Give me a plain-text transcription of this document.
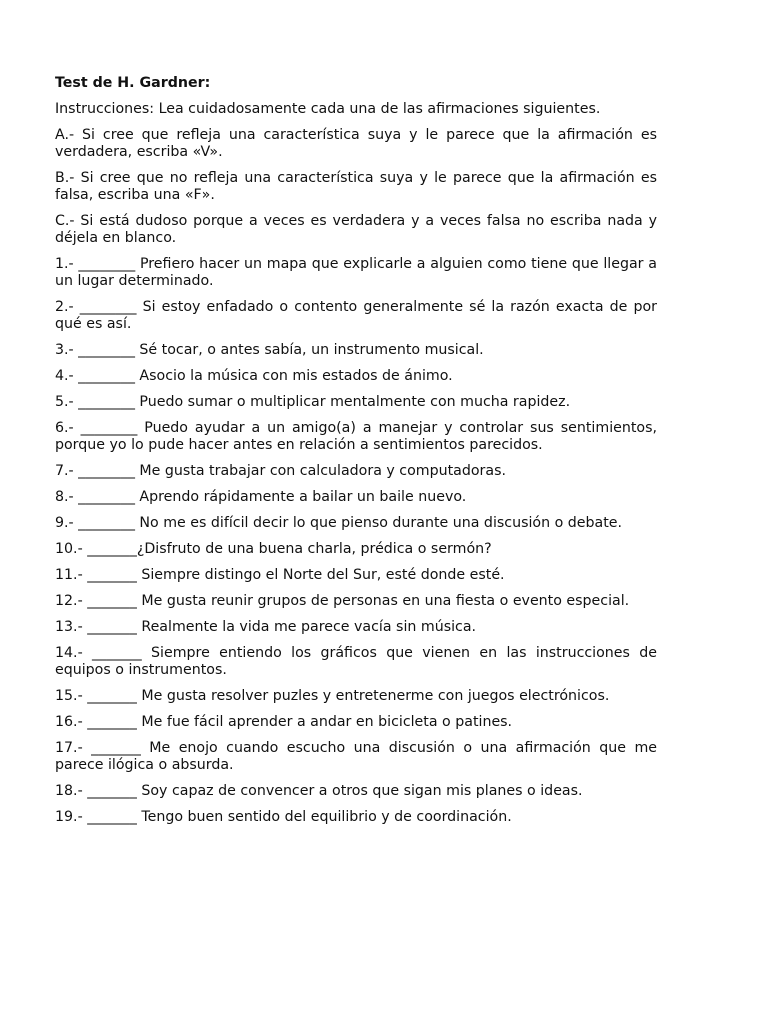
Test de H. Gardner:
Instrucciones: Lea cuidadosamente cada una de las afirmaciones siguientes.
A.- Si cree que refleja una característica suya y le parece que la afirmación es verdadera, escriba «V».
B.- Si cree que no refleja una característica suya y le parece que la afirmación es falsa, escriba una «F».
C.- Si está dudoso porque a veces es verdadera y a veces falsa no escriba nada y déjela en blanco.
1.- ________ Prefiero hacer un mapa que explicarle a alguien como tiene que llegar a un lugar determinado.
2.- ________ Si estoy enfadado o contento generalmente sé la razón exacta de por qué es así.
3.- ________ Sé tocar, o antes sabía, un instrumento musical.
4.- ________ Asocio la música con mis estados de ánimo.
5.- ________ Puedo sumar o multiplicar mentalmente con mucha rapidez.
6.- ________ Puedo ayudar a un amigo(a) a manejar y controlar sus sentimientos, porque yo lo pude hacer antes en relación a sentimientos parecidos.
7.- ________ Me gusta trabajar con calculadora y computadoras.
8.- ________ Aprendo rápidamente a bailar un baile nuevo.
9.- ________ No me es difícil decir lo que pienso durante una discusión o debate.
10.- _______¿Disfruto de una buena charla, prédica o sermón?
11.- _______ Siempre distingo el Norte del Sur, esté donde esté.
12.- _______ Me gusta reunir grupos de personas en una fiesta o evento especial.
13.- _______ Realmente la vida me parece vacía sin música.
14.- _______ Siempre entiendo los gráficos que vienen en las instrucciones de equipos o instrumentos.
15.- _______ Me gusta resolver puzles y entretenerme con juegos electrónicos.
16.- _______ Me fue fácil aprender a andar en bicicleta o patines.
17.- _______ Me enojo cuando escucho una discusión o una afirmación que me parece ilógica o absurda.
18.- _______ Soy capaz de convencer a otros que sigan mis planes o ideas.
19.- _______ Tengo buen sentido del equilibrio y de coordinación.
